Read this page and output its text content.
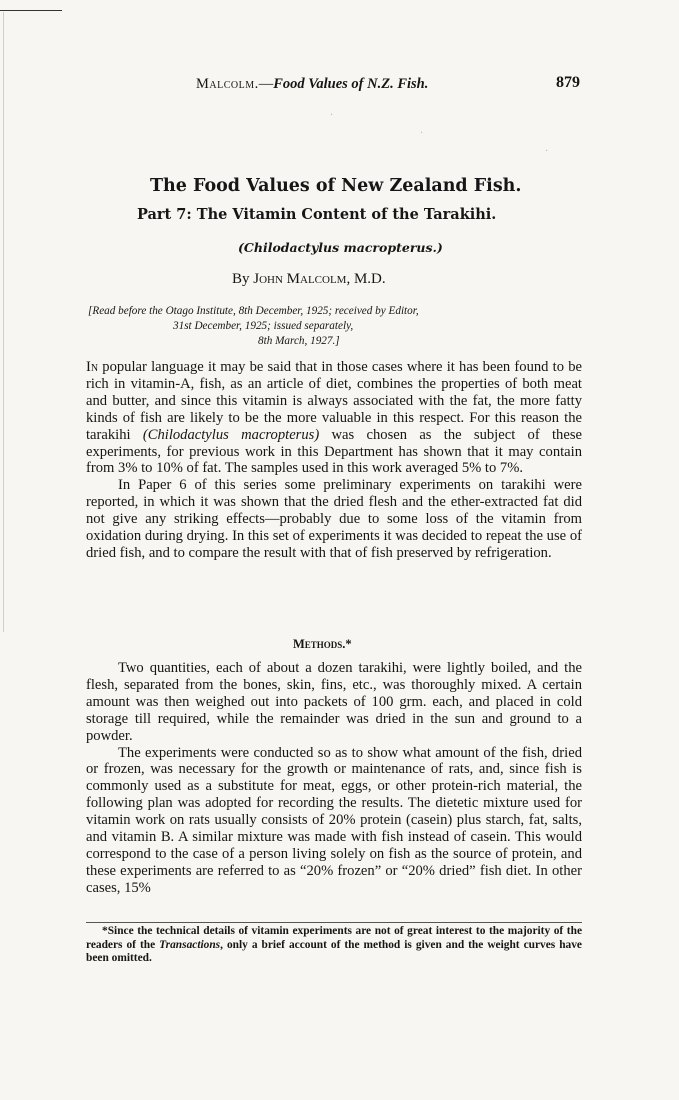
Malcolm.—Food Values of N.Z. Fish.	879
·
·
·
The Food Values of New Zealand Fish.
Part 7: The Vitamin Content of the Tarakihi.
(Chilodactylus macropterus.)
By John Malcolm, M.D.
[Read before the Otago Institute, 8th December, 1925; received by Editor,
31st December, 1925; issued separately,
8th March, 1927.]

In popular language it may be said that in those cases where it has been found to be rich in vitamin-A, fish, as an article of diet, combines the properties of both meat and butter, and since this vitamin is always associated with the fat, the more fatty kinds of fish are likely to be the more valuable in this respect. For this reason the tarakihi (Chilodactylus macropterus) was chosen as the subject of these experiments, for previous work in this Department has shown that it may contain from 3% to 10% of fat. The samples used in this work averaged 5% to 7%.

In Paper 6 of this series some preliminary experiments on tarakihi were reported, in which it was shown that the dried flesh and the ether-extracted fat did not give any striking effects—probably due to some loss of the vitamin from oxidation during drying. In this set of experiments it was decided to repeat the use of dried fish, and to compare the result with that of fish preserved by refrigeration.

Methods.*

Two quantities, each of about a dozen tarakihi, were lightly boiled, and the flesh, separated from the bones, skin, fins, etc., was thoroughly mixed. A certain amount was then weighed out into packets of 100 grm. each, and placed in cold storage till required, while the remainder was dried in the sun and ground to a powder.

The experiments were conducted so as to show what amount of the fish, dried or frozen, was necessary for the growth or maintenance of rats, and, since fish is commonly used as a substitute for meat, eggs, or other protein-rich material, the following plan was adopted for recording the results. The dietetic mixture used for vitamin work on rats usually consists of 20% protein (casein) plus starch, fat, salts, and vitamin B. A similar mixture was made with fish instead of casein. This would correspond to the case of a person living solely on fish as the source of protein, and these experiments are referred to as “20% frozen” or “20% dried” fish diet. In other cases, 15%

*Since the technical details of vitamin experiments are not of great interest to the majority of the readers of the Transactions, only a brief account of the method is given and the weight curves have been omitted.
